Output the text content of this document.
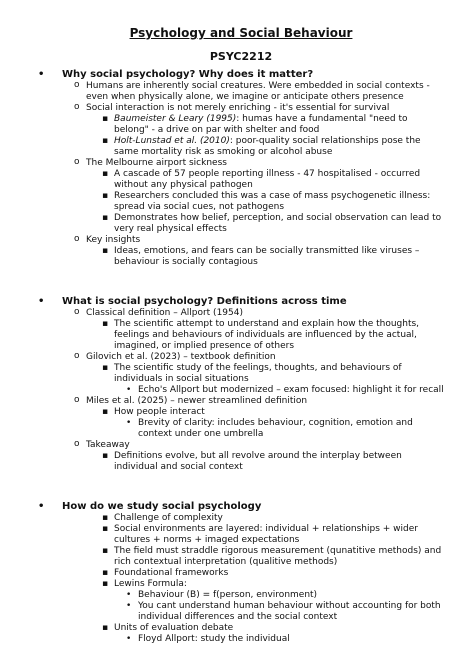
Psychology and Social Behaviour
PSYC2212
• Why social psychology? Why does it matter?
o Humans are inherently social creatures. Were embedded in social contexts - even when physically alone, we imagine or anticipate others presence
o Social interaction is not merely enriching - it's essential for survival
▪ Baumeister & Leary (1995): humas have a fundamental "need to belong" - a drive on par with shelter and food
▪ Holt-Lunstad et al. (2010): poor-quality social relationships pose the same mortality risk as smoking or alcohol abuse
o The Melbourne airport sickness
▪ A cascade of 57 people reporting illness - 47 hospitalised - occurred without any physical pathogen
▪ Researchers concluded this was a case of mass psychogenetic illness: spread via social cues, not pathogens
▪ Demonstrates how belief, perception, and social observation can lead to very real physical effects
o Key insights
▪ Ideas, emotions, and fears can be socially transmitted like viruses – behaviour is socially contagious
• What is social psychology? Definitions across time
o Classical definition – Allport (1954)
▪ The scientific attempt to understand and explain how the thoughts, feelings and behaviours of individuals are influenced by the actual, imagined, or implied presence of others
o Gilovich et al. (2023) – textbook definition
▪ The scientific study of the feelings, thoughts, and behaviours of individuals in social situations
• Echo's Allport but modernized – exam focused: highlight it for recall
o Miles et al. (2025) – newer streamlined definition
▪ How people interact
• Brevity of clarity: includes behaviour, cognition, emotion and context under one umbrella
o Takeaway
▪ Definitions evolve, but all revolve around the interplay between individual and social context
• How do we study social psychology
▪ Challenge of complexity
▪ Social environments are layered: individual + relationships + wider cultures + norms + imaged expectations
▪ The field must straddle rigorous measurement (qunatitive methods) and rich contextual interpretation (qualitive methods)
▪ Foundational frameworks
▪ Lewins Formula:
• Behaviour (B) = f(person, environment)
• You cant understand human behaviour without accounting for both individual differences and the social context
▪ Units of evaluation debate
• Floyd Allport: study the individual
